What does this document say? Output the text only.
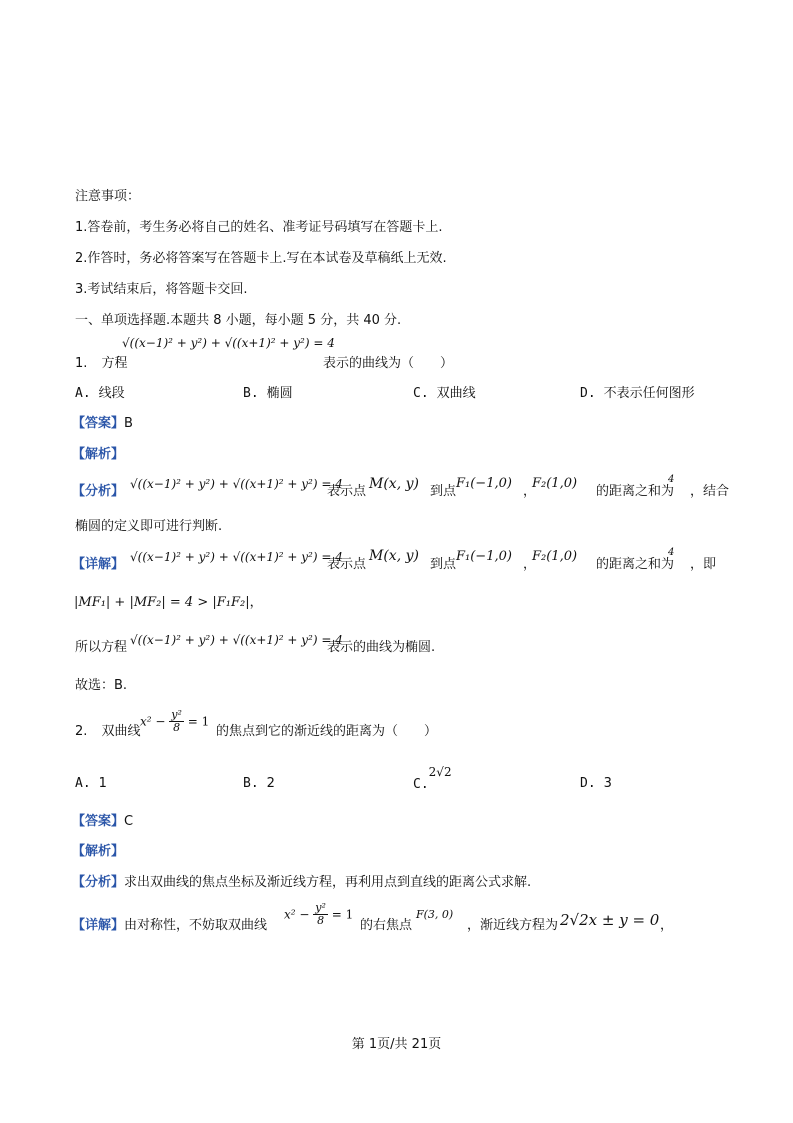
注意事项：
1.答卷前，考生务必将自己的姓名、准考证号码填写在答题卡上.
2.作答时，务必将答案写在答题卡上.写在本试卷及草稿纸上无效.
3.考试结束后，将答题卡交回.
一、单项选择题.本题共 8 小题，每小题 5 分，共 40 分.
1. 方程
√((x−1)² + y²) + √((x+1)² + y²) = 4
表示的曲线为（　　）
A. 线段	B. 椭圆	C. 双曲线	D. 不表示任何图形
【答案】B
【解析】
【分析】 √((x−1)² + y²) + √((x+1)² + y²) = 4
表示点 M(x, y) 到点
F₁(−1,0)
，
F₂(1,0)
的距离之和为
4
，结合
椭圆的定义即可进行判断.
【详解】 √((x−1)² + y²) + √((x+1)² + y²) = 4
表示点
M(x, y)
到点
F₁(−1,0)
，
F₂(1,0)
的距离之和为
4
，即
|MF₁| + |MF₂| = 4 > |F₁F₂|，
所以方程 √((x−1)² + y²) + √((x+1)² + y²) = 4
表示的曲线为椭圆.
故选：B.
2. 双曲线
$x^2 - \frac{\text{y²}}{8} = 1$
的焦点到它的渐近线的距离为（　　）
A. 1	B. 2	C.2√2
D. 3
【答案】C
【解析】
【分析】求出双曲线的焦点坐标及渐近线方程，再利用点到直线的距离公式求解.
【详解】由对称性，不妨取双曲线
$x^2 - \frac{\text{y²}}{8} = 1$
的右焦点
F(3, 0)
，渐近线方程为 2√2x ± y = 0 ，
第 1页/共 21页
